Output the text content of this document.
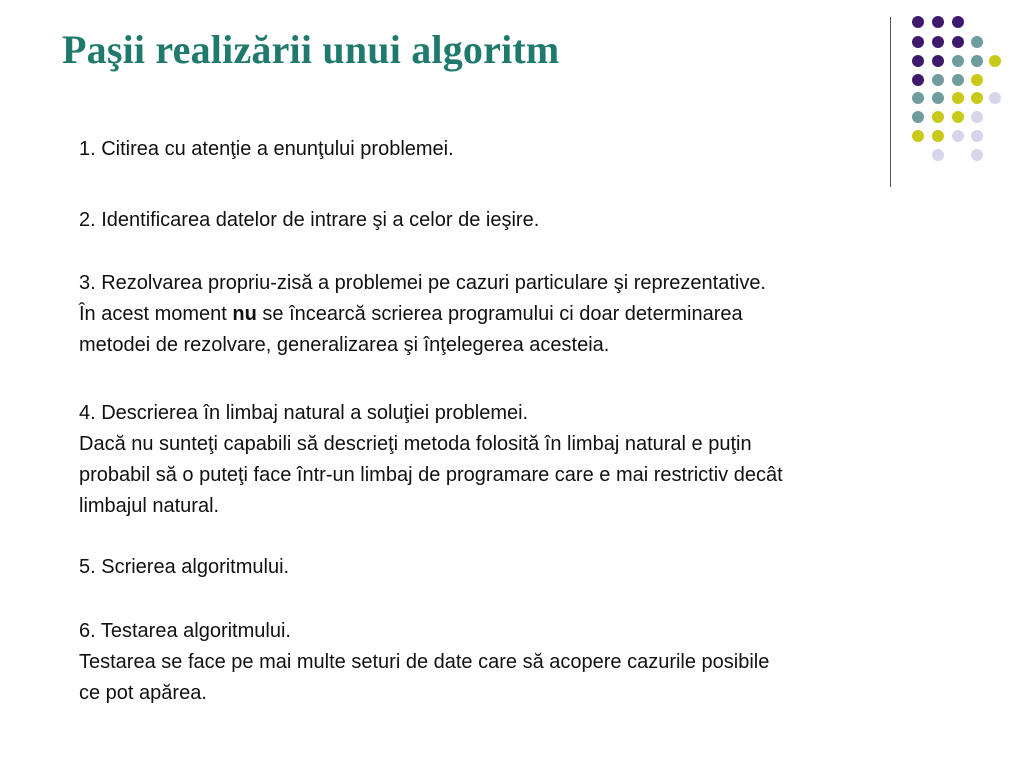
Paşii realizării unui algoritm
1. Citirea cu atenţie a enunţului problemei.
2. Identificarea datelor de intrare şi a celor de ieşire.
3. Rezolvarea propriu-zisă a problemei pe cazuri particulare şi reprezentative.
În acest moment nu se încearcă scrierea programului ci doar determinarea
metodei de rezolvare, generalizarea şi înţelegerea acesteia.
4. Descrierea în limbaj natural a soluţiei problemei.
Dacă nu sunteţi capabili să descrieţi metoda folosită în limbaj natural e puţin
probabil să o puteţi face într-un limbaj de programare care e mai restrictiv decât
limbajul natural.
5. Scrierea algoritmului.
6. Testarea algoritmului.
Testarea se face pe mai multe seturi de date care să acopere cazurile posibile
ce pot apărea.
